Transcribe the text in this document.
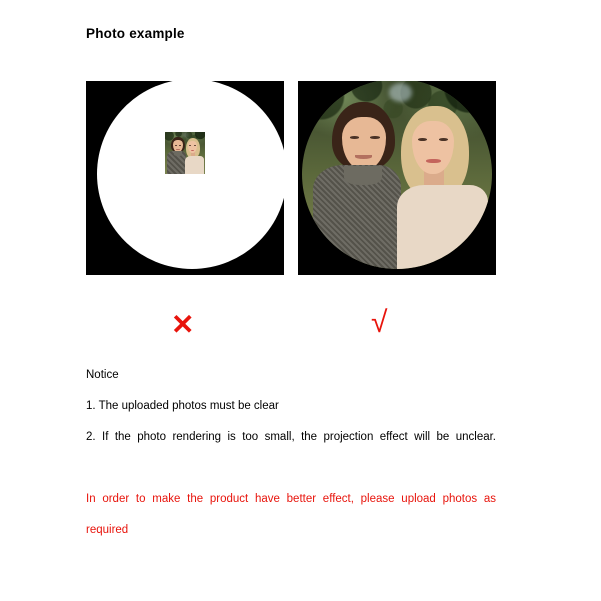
Photo example
✕	√
Notice
1. The uploaded photos must be clear
2. If the photo rendering is too small, the projection effect will be unclear.
In order to make the product have better effect, please upload photos as required
